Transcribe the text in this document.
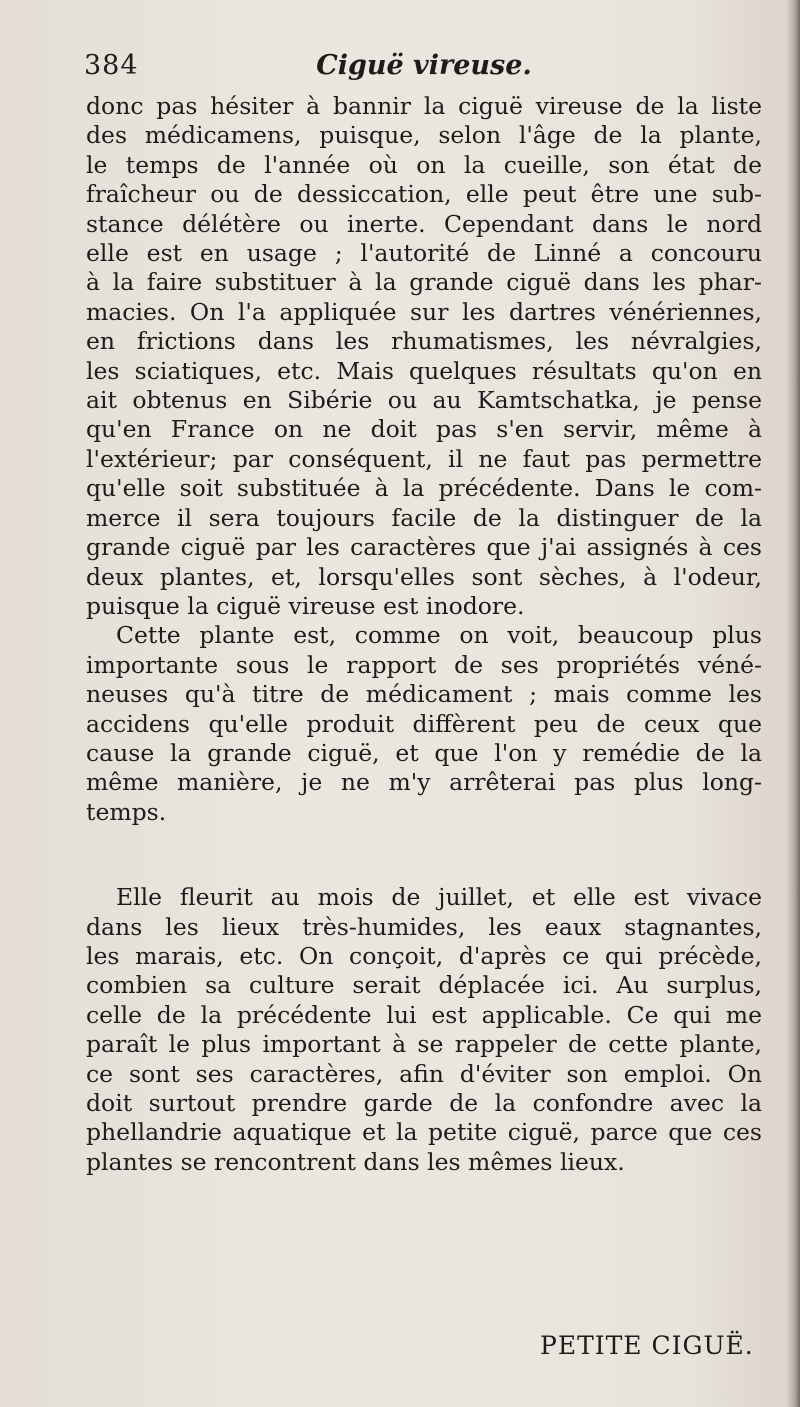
384	Ciguë vireuse.
donc pas hésiter à bannir la ciguë vireuse de la liste
des médicamens, puisque, selon l'âge de la plante,
le temps de l'année où on la cueille, son état de
fraîcheur ou de dessiccation, elle peut être une sub-
stance délétère ou inerte. Cependant dans le nord
elle est en usage ; l'autorité de Linné a concouru
à la faire substituer à la grande ciguë dans les phar-
macies. On l'a appliquée sur les dartres vénériennes,
en frictions dans les rhumatismes, les névralgies,
les sciatiques, etc. Mais quelques résultats qu'on en
ait obtenus en Sibérie ou au Kamtschatka, je pense
qu'en France on ne doit pas s'en servir, même à
l'extérieur; par conséquent, il ne faut pas permettre
qu'elle soit substituée à la précédente. Dans le com-
merce il sera toujours facile de la distinguer de la
grande ciguë par les caractères que j'ai assignés à ces
deux plantes, et, lorsqu'elles sont sèches, à l'odeur,
puisque la ciguë vireuse est inodore.
Cette plante est, comme on voit, beaucoup plus
importante sous le rapport de ses propriétés véné-
neuses qu'à titre de médicament ; mais comme les
accidens qu'elle produit diffèrent peu de ceux que
cause la grande ciguë, et que l'on y remédie de la
même manière, je ne m'y arrêterai pas plus long-
temps.
Elle fleurit au mois de juillet, et elle est vivace
dans les lieux très-humides, les eaux stagnantes,
les marais, etc. On conçoit, d'après ce qui précède,
combien sa culture serait déplacée ici. Au surplus,
celle de la précédente lui est applicable. Ce qui me
paraît le plus important à se rappeler de cette plante,
ce sont ses caractères, afin d'éviter son emploi. On
doit surtout prendre garde de la confondre avec la
phellandrie aquatique et la petite ciguë, parce que ces
plantes se rencontrent dans les mêmes lieux.
PETITE CIGUË.
